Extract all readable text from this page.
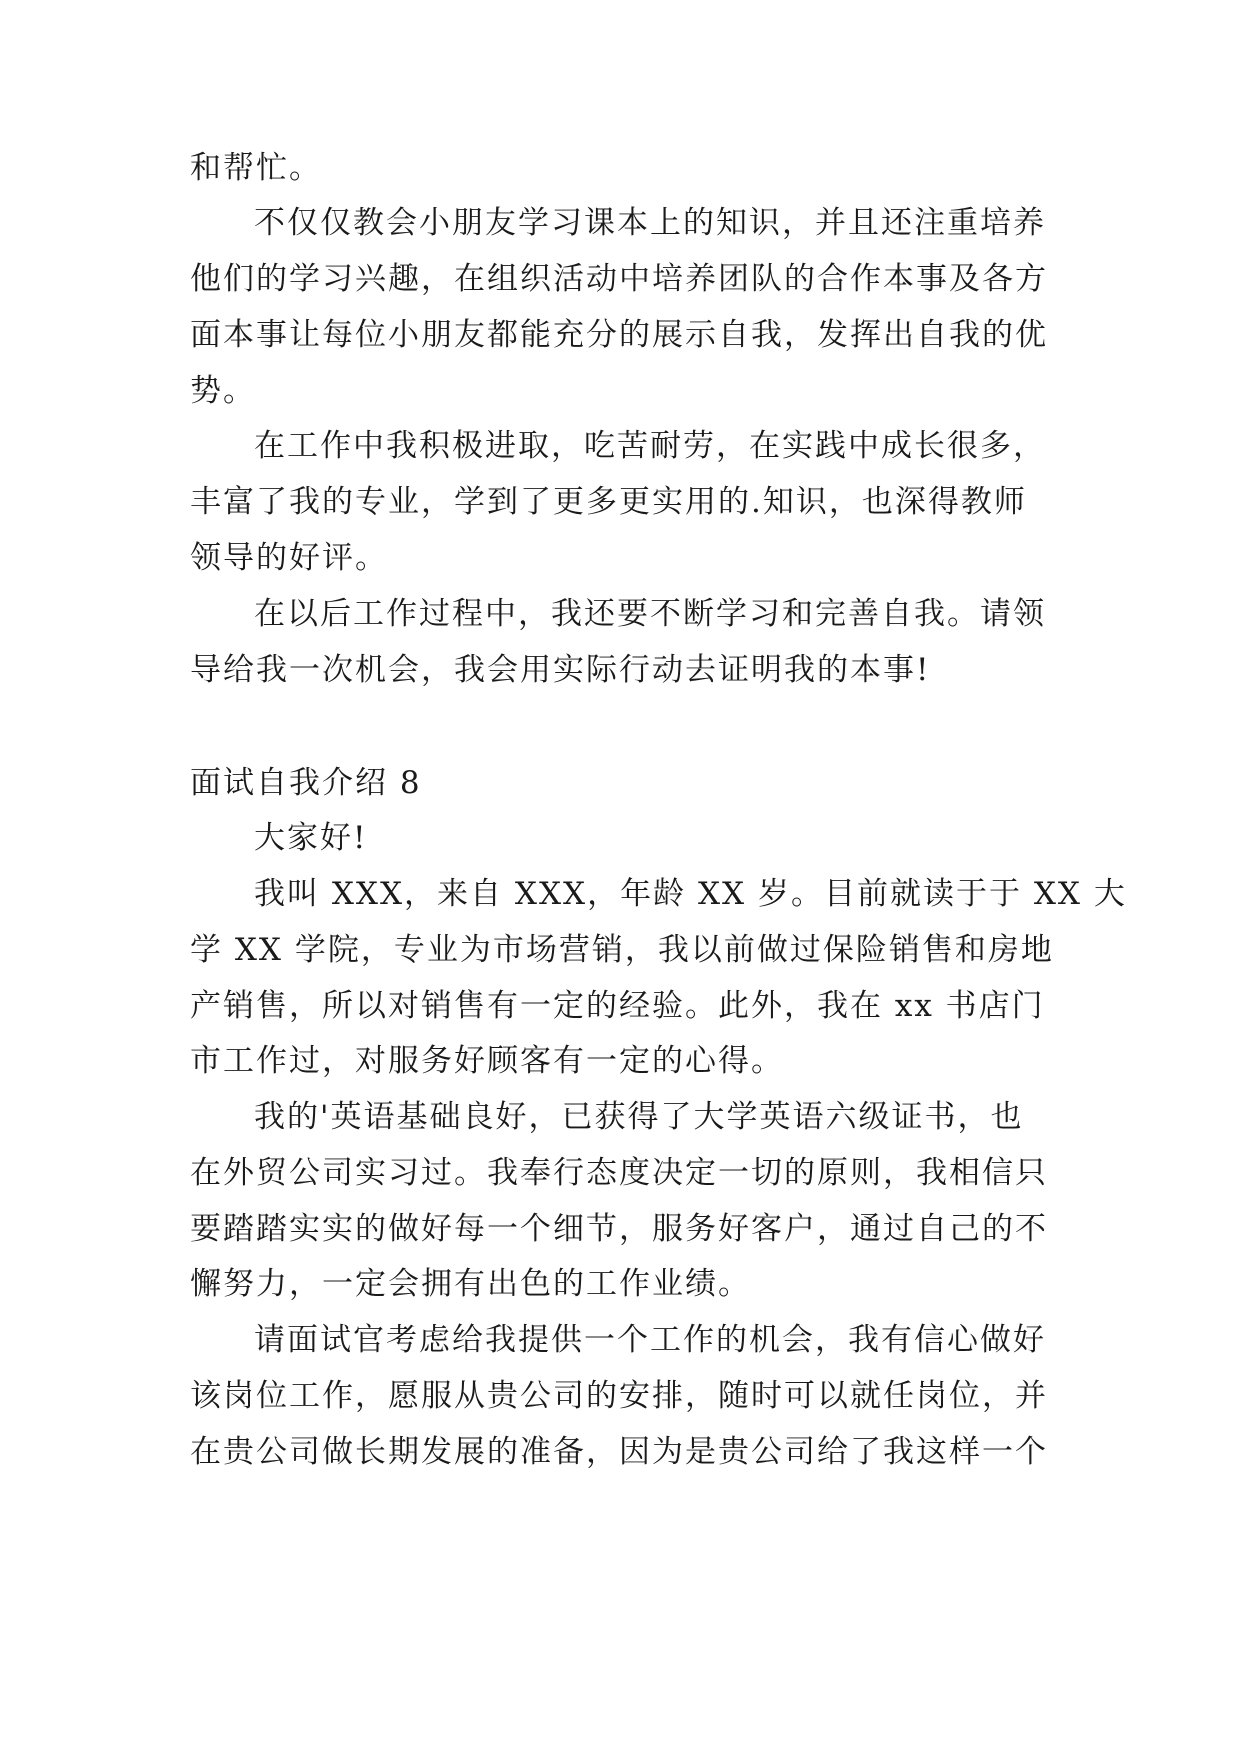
和帮忙。
不仅仅教会小朋友学习课本上的知识，并且还注重培养
他们的学习兴趣，在组织活动中培养团队的合作本事及各方
面本事让每位小朋友都能充分的展示自我，发挥出自我的优
势。
在工作中我积极进取，吃苦耐劳，在实践中成长很多，
丰富了我的专业，学到了更多更实用的.知识，也深得教师
领导的好评。
在以后工作过程中，我还要不断学习和完善自我。请领
导给我一次机会，我会用实际行动去证明我的本事!
面试自我介绍 8
大家好!
我叫 XXX，来自 XXX，年龄 XX 岁。目前就读于于 XX 大
学 XX 学院，专业为市场营销，我以前做过保险销售和房地
产销售，所以对销售有一定的经验。此外，我在 xx 书店门
市工作过，对服务好顾客有一定的心得。
我的'英语基础良好，已获得了大学英语六级证书，也
在外贸公司实习过。我奉行态度决定一切的原则，我相信只
要踏踏实实的做好每一个细节，服务好客户，通过自己的不
懈努力，一定会拥有出色的工作业绩。
请面试官考虑给我提供一个工作的机会，我有信心做好
该岗位工作，愿服从贵公司的安排，随时可以就任岗位，并
在贵公司做长期发展的准备，因为是贵公司给了我这样一个
